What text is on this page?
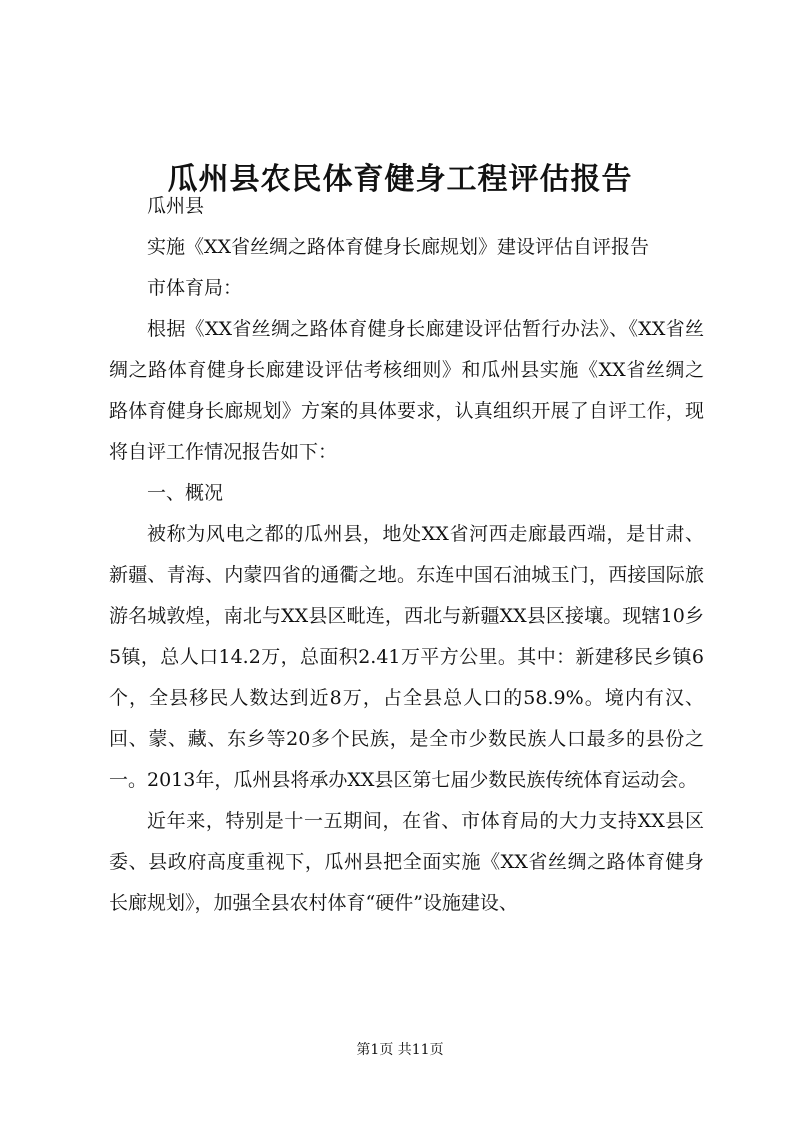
瓜州县农民体育健身工程评估报告

瓜州县

实施《XX省丝绸之路体育健身长廊规划》建设评估自评报告

市体育局：

根据《XX省丝绸之路体育健身长廊建设评估暂行办法》、《XX省丝绸之路体育健身长廊建设评估考核细则》和瓜州县实施《XX省丝绸之路体育健身长廊规划》方案的具体要求，认真组织开展了自评工作，现将自评工作情况报告如下：

一、概况

被称为风电之都的瓜州县，地处XX省河西走廊最西端，是甘肃、新疆、青海、内蒙四省的通衢之地。东连中国石油城玉门，西接国际旅游名城敦煌，南北与XX县区毗连，西北与新疆XX县区接壤。现辖10乡5镇，总人口14.2万，总面积2.41万平方公里。其中：新建移民乡镇6个，全县移民人数达到近8万，占全县总人口的58.9%。境内有汉、回、蒙、藏、东乡等20多个民族，是全市少数民族人口最多的县份之一。2013年，瓜州县将承办XX县区第七届少数民族传统体育运动会。

近年来，特别是十一五期间，在省、市体育局的大力支持XX县区委、县政府高度重视下，瓜州县把全面实施《XX省丝绸之路体育健身长廊规划》，加强全县农村体育“硬件”设施建设、

第1页 共11页
